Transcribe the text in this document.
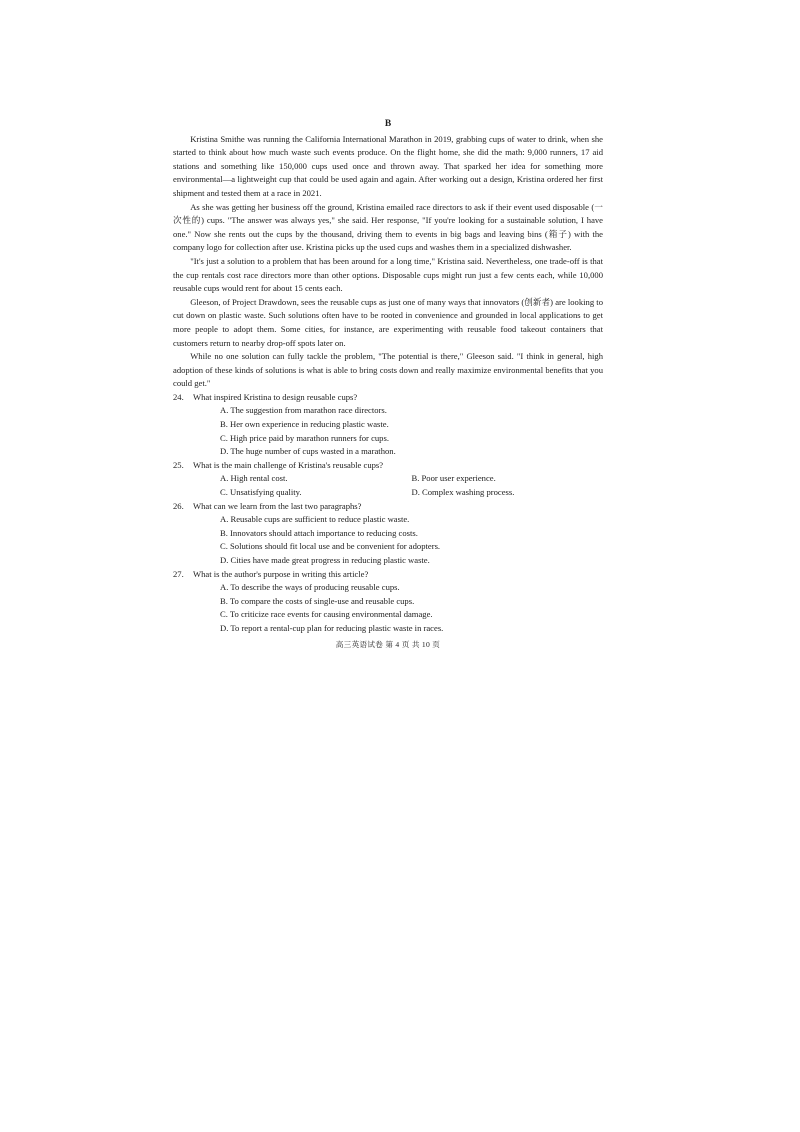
B

Kristina Smithe was running the California International Marathon in 2019, grabbing cups of water to drink, when she started to think about how much waste such events produce. On the flight home, she did the math: 9,000 runners, 17 aid stations and something like 150,000 cups used once and thrown away. That sparked her idea for something more environmental—a lightweight cup that could be used again and again. After working out a design, Kristina ordered her first shipment and tested them at a race in 2021.

As she was getting her business off the ground, Kristina emailed race directors to ask if their event used disposable (一次性的) cups. "The answer was always yes," she said. Her response, "If you're looking for a sustainable solution, I have one." Now she rents out the cups by the thousand, driving them to events in big bags and leaving bins (箱子) with the company logo for collection after use. Kristina picks up the used cups and washes them in a specialized dishwasher.

"It's just a solution to a problem that has been around for a long time," Kristina said. Nevertheless, one trade-off is that the cup rentals cost race directors more than other options. Disposable cups might run just a few cents each, while 10,000 reusable cups would rent for about 15 cents each.

Gleeson, of Project Drawdown, sees the reusable cups as just one of many ways that innovators (创新者) are looking to cut down on plastic waste. Such solutions often have to be rooted in convenience and grounded in local applications to get more people to adopt them. Some cities, for instance, are experimenting with reusable food takeout containers that customers return to nearby drop-off spots later on.

While no one solution can fully tackle the problem, "The potential is there," Gleeson said. "I think in general, high adoption of these kinds of solutions is what is able to bring costs down and really maximize environmental benefits that you could get."

24. What inspired Kristina to design reusable cups?

A. The suggestion from marathon race directors.

B. Her own experience in reducing plastic waste.

C. High price paid by marathon runners for cups.

D. The huge number of cups wasted in a marathon.

25. What is the main challenge of Kristina's reusable cups?

A. High rental cost.	B. Poor user experience.

C. Unsatisfying quality.	D. Complex washing process.

26. What can we learn from the last two paragraphs?

A. Reusable cups are sufficient to reduce plastic waste.

B. Innovators should attach importance to reducing costs.

C. Solutions should fit local use and be convenient for adopters.

D. Cities have made great progress in reducing plastic waste.

27. What is the author's purpose in writing this article?

A. To describe the ways of producing reusable cups.

B. To compare the costs of single-use and reusable cups.

C. To criticize race events for causing environmental damage.

D. To report a rental-cup plan for reducing plastic waste in races.

高三英语试卷 第 4 页 共 10 页
